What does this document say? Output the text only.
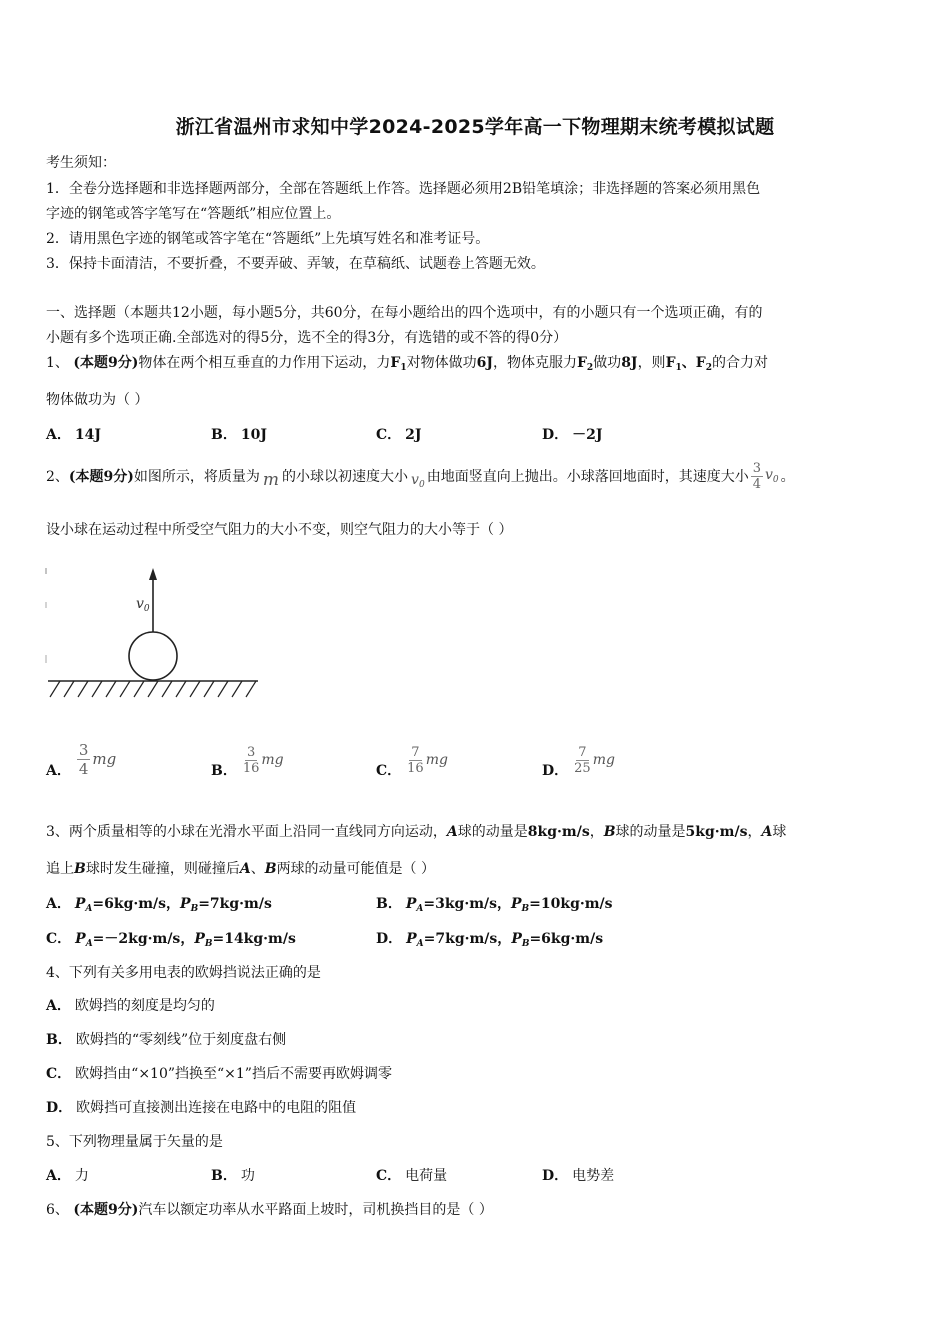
浙江省温州市求知中学2024-2025学年高一下物理期末统考模拟试题
考生须知：
1．全卷分选择题和非选择题两部分，全部在答题纸上作答。选择题必须用2B铅笔填涂；非选择题的答案必须用黑色
字迹的钢笔或答字笔写在“答题纸”相应位置上。
2．请用黑色字迹的钢笔或答字笔在“答题纸”上先填写姓名和准考证号。
3．保持卡面清洁，不要折叠，不要弄破、弄皱，在草稿纸、试题卷上答题无效。
一、选择题（本题共12小题，每小题5分，共60分，在每小题给出的四个选项中，有的小题只有一个选项正确，有的
小题有多个选项正确.全部选对的得5分，选不全的得3分，有选错的或不答的得0分）
1、 (本题9分)物体在两个相互垂直的力作用下运动，力$F_1$对物体做功6J，物体克服力$F_2$做功8J，则$F_1$、$F_2$的合力对
物体做功为（ ）
A． 14J	B． 10J	C． 2J	D． －2J
2、 (本题9分) 如图所示，将质量为 m 的小球以初速度大小 $v_0$ 由地面竖直向上抛出。小球落回地面时，其速度大小 $\frac{3}{4} v_0$ 。
设小球在运动过程中所受空气阻力的大小不变，则空气阻力的大小等于（ ）
$v_0$
A． $\frac{3}{4}$ mg
B． $\frac{3}{16}$ mg
C． $\frac{7}{16}$ mg
D． $\frac{7}{25}$ mg
3、两个质量相等的小球在光滑水平面上沿同一直线同方向运动，A球的动量是8kg·m/s，B球的动量是5kg·m/s，A球
追上B球时发生碰撞，则碰撞后A、B两球的动量可能值是（ ）
A． $P_A=6kg\cdot m/s$，$P_B=7kg\cdot m/s$	B． $P_A=3kg\cdot m/s$，$P_B=10kg\cdot m/s$
C． $P_A=-2kg\cdot m/s$，$P_B=14kg\cdot m/s$	D． $P_A=7kg\cdot m/s$，$P_B=6kg\cdot m/s$
4、下列有关多用电表的欧姆挡说法正确的是
A． 欧姆挡的刻度是均匀的
B． 欧姆挡的“零刻线”位于刻度盘右侧
C． 欧姆挡由“×10”挡换至“×1”挡后不需要再欧姆调零
D． 欧姆挡可直接测出连接在电路中的电阻的阻值
5、下列物理量属于矢量的是
A． 力	B． 功	C． 电荷量	D． 电势差
6、 (本题9分)汽车以额定功率从水平路面上坡时，司机换挡目的是（ ）
